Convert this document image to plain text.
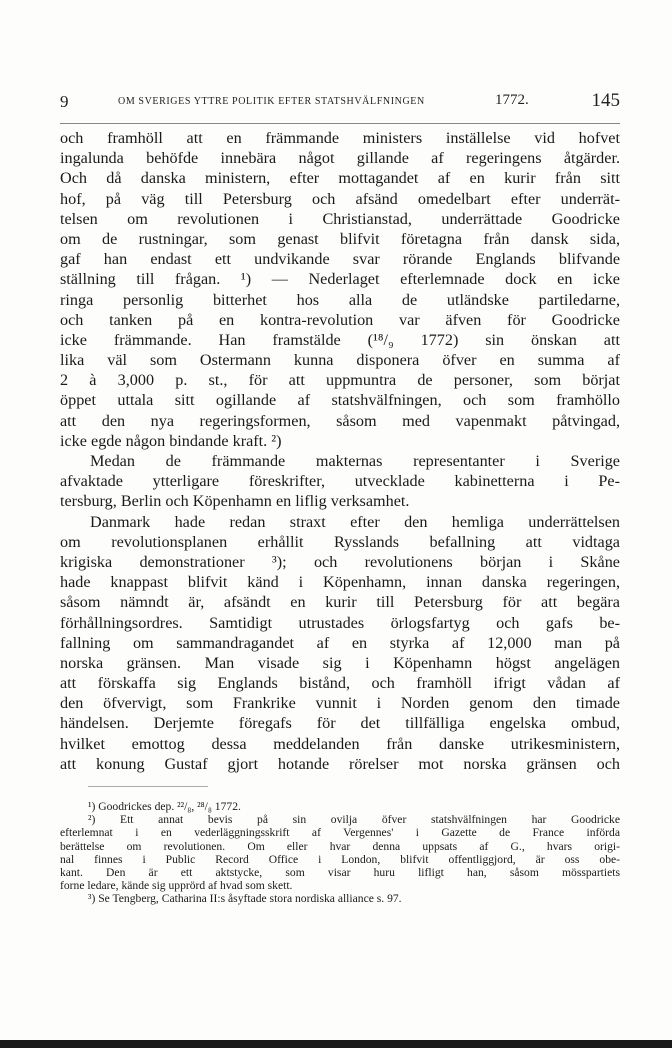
9	OM SVERIGES YTTRE POLITIK EFTER STATSHVÄLFNINGEN	1772.	145
och framhöll att en främmande ministers inställelse vid hofvet
ingalunda behöfde innebära något gillande af regeringens åtgärder.
Och då danska ministern, efter mottagandet af en kurir från sitt
hof, på väg till Petersburg och afsänd omedelbart efter underrät-
telsen om revolutionen i Christianstad, underrättade Goodricke
om de rustningar, som genast blifvit företagna från dansk sida,
gaf han endast ett undvikande svar rörande Englands blifvande
ställning till frågan. ¹) — Nederlaget efterlemnade dock en icke
ringa personlig bitterhet hos alla de utländske partiledarne,
och tanken på en kontra-revolution var äfven för Goodricke
icke främmande. Han framstälde (¹⁸/₉ 1772) sin önskan att
lika väl som Ostermann kunna disponera öfver en summa af
2 à 3,000 p. st., för att uppmuntra de personer, som börjat
öppet uttala sitt ogillande af statshvälfningen, och som framhöllo
att den nya regeringsformen, såsom med vapenmakt påtvingad,
icke egde någon bindande kraft. ²)
Medan de främmande makternas representanter i Sverige
afvaktade ytterligare föreskrifter, utvecklade kabinetterna i Pe-
tersburg, Berlin och Köpenhamn en liflig verksamhet.
Danmark hade redan straxt efter den hemliga underrättelsen
om revolutionsplanen erhållit Rysslands befallning att vidtaga
krigiska demonstrationer ³); och revolutionens början i Skåne
hade knappast blifvit känd i Köpenhamn, innan danska regeringen,
såsom nämndt är, afsändt en kurir till Petersburg för att begära
förhållningsordres. Samtidigt utrustades örlogsfartyg och gafs be-
fallning om sammandragandet af en styrka af 12,000 man på
norska gränsen. Man visade sig i Köpenhamn högst angelägen
att förskaffa sig Englands bistånd, och framhöll ifrigt vådan af
den öfvervigt, som Frankrike vunnit i Norden genom den timade
händelsen. Derjemte föregafs för det tillfälliga engelska ombud,
hvilket emottog dessa meddelanden från danske utrikesministern,
att konung Gustaf gjort hotande rörelser mot norska gränsen och
¹) Goodrickes dep. ²²/₈, ²⁸/₈ 1772.
²) Ett annat bevis på sin ovilja öfver statshvälfningen har Goodricke
efterlemnat i en vederläggningsskrift af Vergennes' i Gazette de France införda
berättelse om revolutionen. Om eller hvar denna uppsats af G., hvars origi-
nal finnes i Public Record Office i London, blifvit offentliggjord, är oss obe-
kant. Den är ett aktstycke, som visar huru lifligt han, såsom mösspartiets
forne ledare, kände sig upprörd af hvad som skett.
³) Se Tengberg, Catharina II:s åsyftade stora nordiska alliance s. 97.
